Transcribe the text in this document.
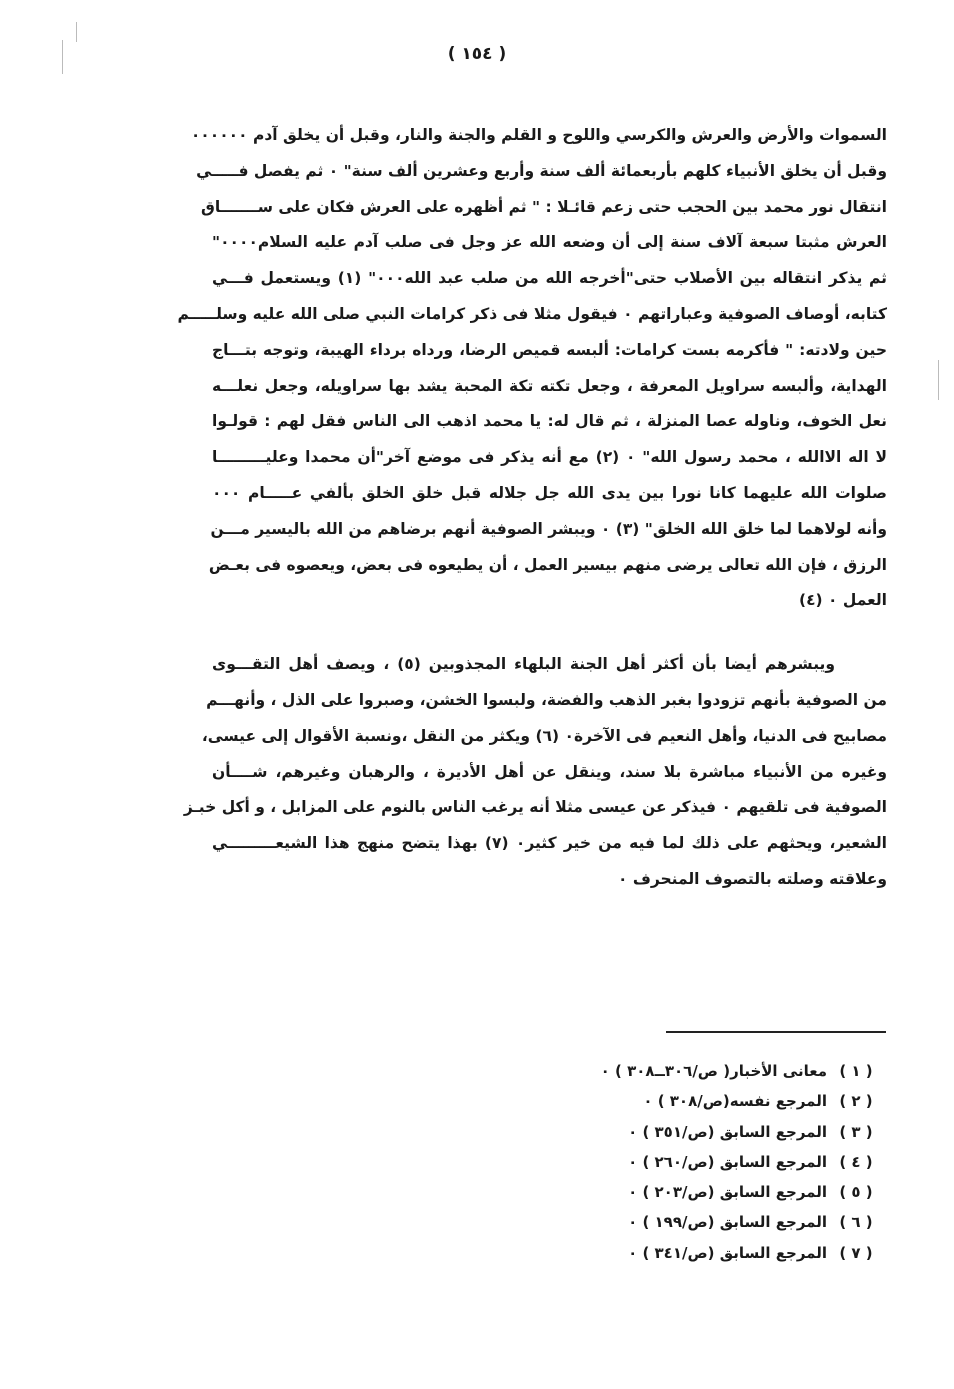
( ١٥٤ )
السموات والأرض والعرش والكرسي واللوح و القلم والجنة والنار، وقبل أن يخلق آدم ٠٠٠٠٠٠
وقبل أن يخلق الأنبياء كلهم بأربعمائة ألف سنة وأربع وعشرين ألف سنة" ٠ ثم يفصل فـــــي
انتقال نور محمد بين الحجب حتى زعم قائـلا : " ثم أظهره على العرش فكان على ســـــــاق
العرش مثبتا سبعة آلاف سنة إلى أن وضعه الله عز وجل فى صلب آدم عليه السلام٠٠٠٠"
ثم يذكر انتقاله بين الأصلاب حتى"أخرجه الله من صلب عبد الله٠٠٠" (١) ويستعمل فـــي
كتابه، أوصاف الصوفية وعباراتهم ٠ فيقول مثلا فى ذكر كرامات النبي صلى الله عليه وسلـــــم
حين ولادته: " فأكرمه بست كرامات: ألبسه قميص الرضا، ورداه برداء الهيبة، وتوجه بتـــاج
الهداية، وألبسه سراويل المعرفة ، وجعل تكته تكة المحبة يشد بها سراويله، وجعل نعلـــه
نعل الخوف، وناوله عصا المنزلة ، ثم قال له: يا محمد اذهب الى الناس فقل لهم : قولـوا
لا اله الاالله ، محمد رسول الله" ٠ (٢) مع أنه يذكر فى موضع آخر"أن محمدا وعليـــــــــا
صلوات الله عليهما كانا نورا بين يدى الله جل جلاله قبل خلق الخلق بألفي عـــــام ٠٠٠
وأنه لولاهما لما خلق الله الخلق" (٣) ٠ ويبشر الصوفية أنهم برضاهم من الله باليسير مـــن
الرزق ، فإن الله تعالى يرضى منهم بيسير العمل ، أن يطيعوه فى بعض، ويعصوه فى بعـض
العمل ٠ (٤)
ويبشرهم أيضا بأن أكثر أهل الجنة البلهاء المجذوبين (٥) ، ويصف أهل التقـــوى
من الصوفية بأنهم تزودوا بغبر الذهب والفضة، ولبسوا الخشن، وصبروا على الذل ، وأنهـــم
مصابيح فى الدنيا، وأهل النعيم فى الآخرة٠ (٦) ويكثر من النقل ،ونسبة الأقوال إلى عيسى،
وغيره من الأنبياء مباشرة بلا سند، وينقل عن أهل الأديرة ، والرهبان وغيرهم، شــــأن
الصوفية فى تلقيهم ٠ فيذكر عن عيسى مثلا أنه يرغب الناس بالنوم على المزابل ، و أكل خبـز
الشعير، ويحثهم على ذلك لما فيه من خير كثير٠ (٧) بهذا يتضح منهج هذا الشيعـــــــــي
وعلاقته وصلته بالتصوف المنحرف ٠
( ١ )معانى الأخبار( ص/٣٠٦ــ٣٠٨ ) ٠
( ٢ )المرجع نفسه(ص/٣٠٨ ) ٠
( ٣ )المرجع السابق (ص/٣٥١ ) ٠
( ٤ )المرجع السابق (ص/٢٦٠ ) ٠
( ٥ )المرجع السابق (ص/٢٠٣ ) ٠
( ٦ )المرجع السابق (ص/١٩٩ ) ٠
( ٧ )المرجع السابق (ص/٣٤١ ) ٠
